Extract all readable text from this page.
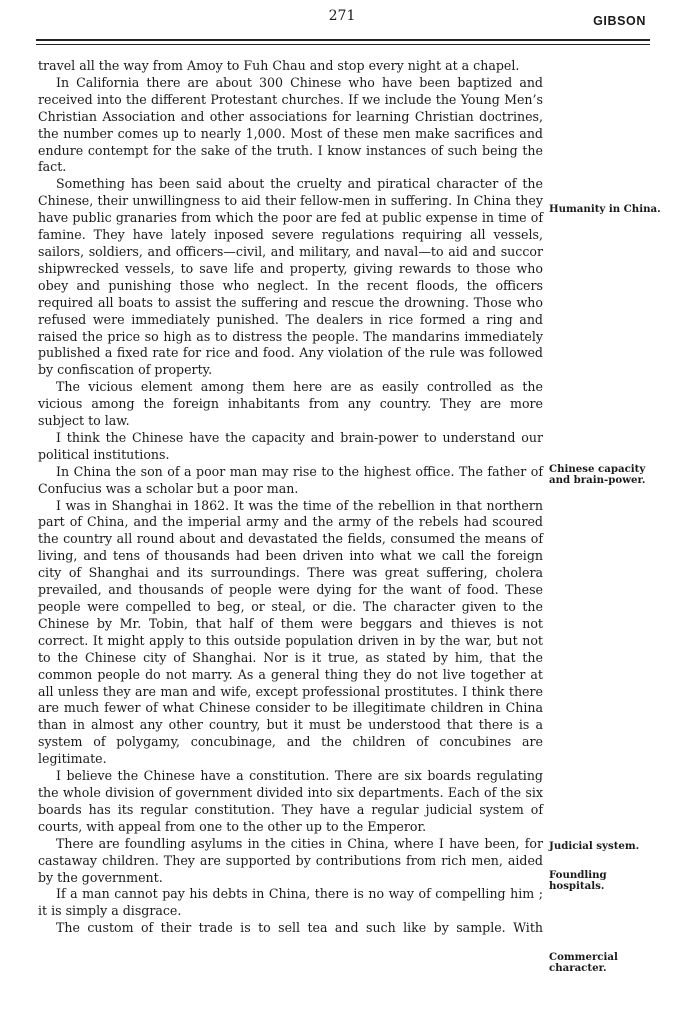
271	GIBSON

travel all the way from Amoy to Fuh Chau and stop every night at a chapel.

In California there are about 300 Chinese who have been baptized and received into the different Protestant churches. If we include the Young Men’s Christian Association and other associations for learning Christian doctrines, the number comes up to nearly 1,000. Most of these men make sacrifices and endure contempt for the sake of the truth. I know instances of such being the fact.

Something has been said about the cruelty and piratical character of the Chinese, their unwillingness to aid their fellow-men in suffering. In China they have public granaries from which the poor are fed at public expense in time of famine. They have lately inposed severe regulations requiring all vessels, sailors, soldiers, and officers—civil, and military, and naval—to aid and succor shipwrecked vessels, to save life and property, giving rewards to those who obey and punishing those who neglect. In the recent floods, the officers required all boats to assist the suffering and rescue the drowning. Those who refused were immediately punished. The dealers in rice formed a ring and raised the price so high as to distress the people. The mandarins immediately published a fixed rate for rice and food. Any violation of the rule was followed by confiscation of property.

The vicious element among them here are as easily controlled as the vicious among the foreign inhabitants from any country. They are more subject to law.

I think the Chinese have the capacity and brain-power to understand our political institutions.

In China the son of a poor man may rise to the highest office. The father of Confucius was a scholar but a poor man.

I was in Shanghai in 1862. It was the time of the rebellion in that northern part of China, and the imperial army and the army of the rebels had scoured the country all round about and devastated the fields, consumed the means of living, and tens of thousands had been driven into what we call the foreign city of Shanghai and its surroundings. There was great suffering, cholera prevailed, and thousands of people were dying for the want of food. These people were compelled to beg, or steal, or die. The character given to the Chinese by Mr. Tobin, that half of them were beggars and thieves is not correct. It might apply to this outside population driven in by the war, but not to the Chinese city of Shanghai. Nor is it true, as stated by him, that the common people do not marry. As a general thing they do not live together at all unless they are man and wife, except professional prostitutes. I think there are much fewer of what Chinese consider to be illegitimate children in China than in almost any other country, but it must be understood that there is a system of polygamy, concubinage, and the children of concubines are legitimate.

I believe the Chinese have a constitution. There are six boards regulating the whole division of government divided into six departments. Each of the six boards has its regular constitution. They have a regular judicial system of courts, with appeal from one to the other up to the Emperor.

There are foundling asylums in the cities in China, where I have been, for castaway children. They are supported by contributions from rich men, aided by the government.

If a man cannot pay his debts in China, there is no way of compelling him ; it is simply a disgrace.

The custom of their trade is to sell tea and such like by sample. With

Humanity in China.
Chinese capacity and brain-power.
Judicial system.
Foundling hospitals.
Commercial character.
